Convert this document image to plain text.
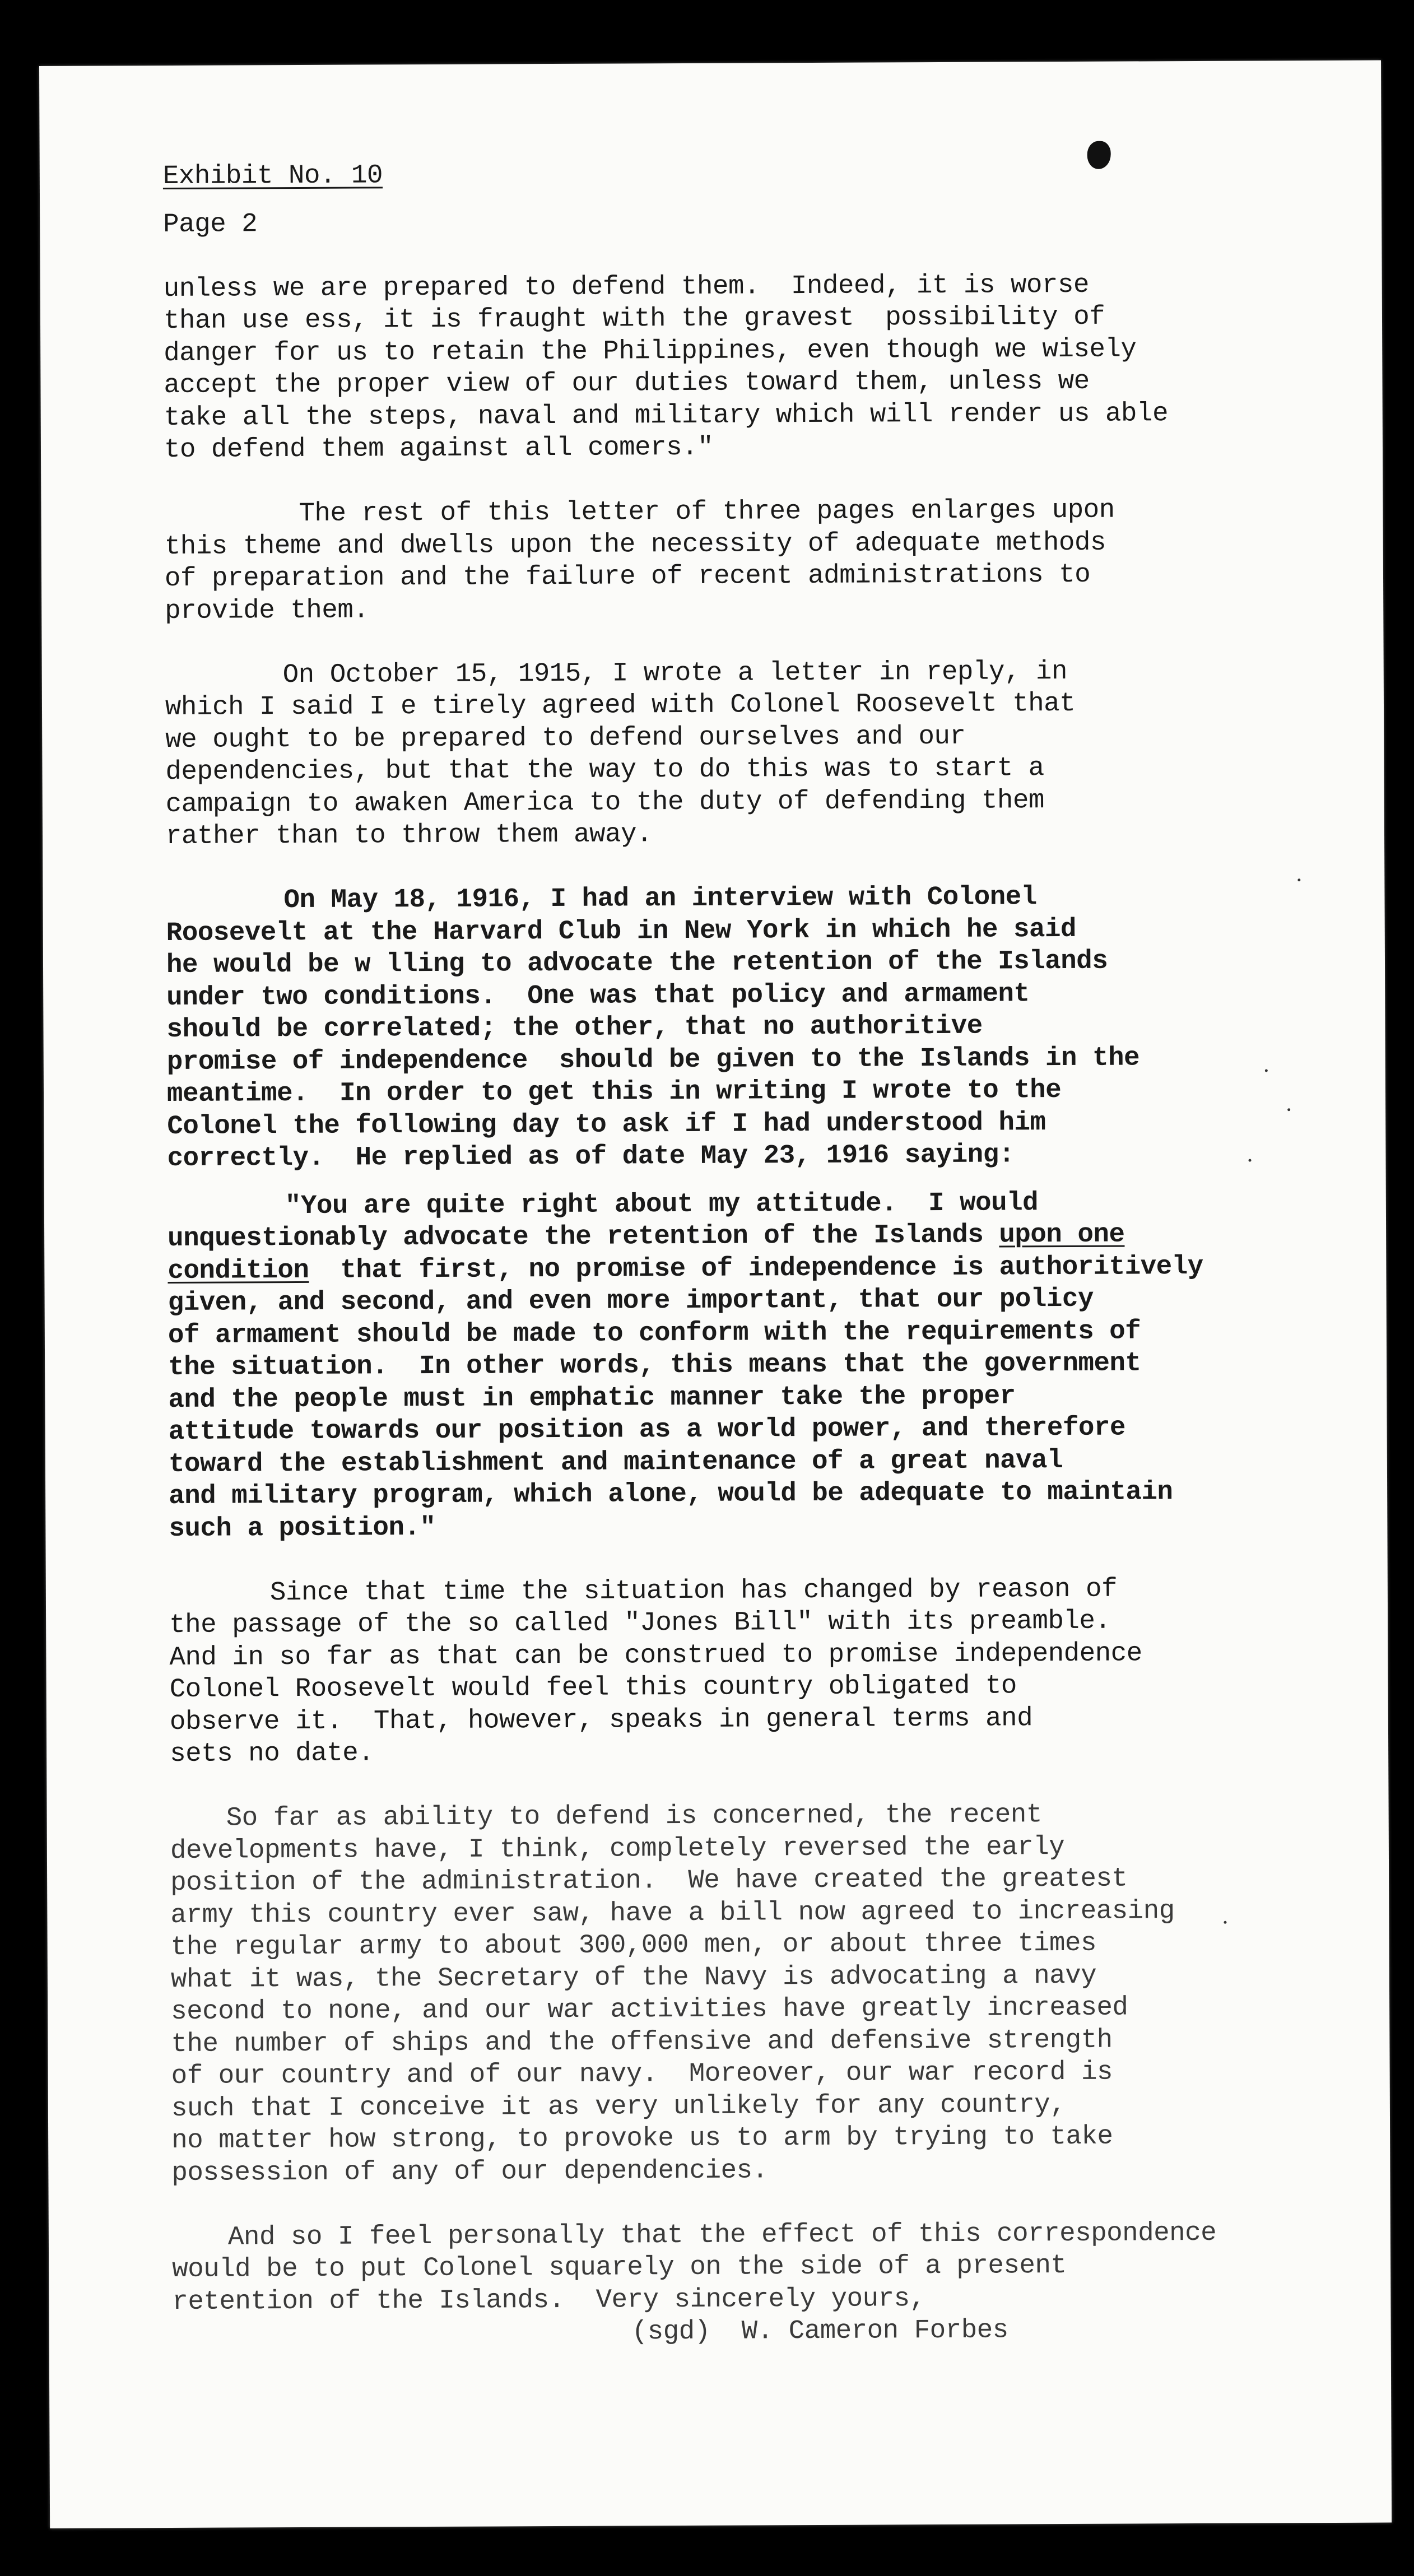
Exhibit No. 10
Page 2
unless we are prepared to defend them.  Indeed, it is worse
than use ess, it is fraught with the gravest  possibility of
danger for us to retain the Philippines, even though we wisely
accept the proper view of our duties toward them, unless we
take all the steps, naval and military which will render us able
to defend them against all comers."
The rest of this letter of three pages enlarges upon
this theme and dwells upon the necessity of adequate methods
of preparation and the failure of recent administrations to
provide them.
On October 15, 1915, I wrote a letter in reply, in
which I said I e tirely agreed with Colonel Roosevelt that
we ought to be prepared to defend ourselves and our
dependencies, but that the way to do this was to start a
campaign to awaken America to the duty of defending them
rather than to throw them away.
On May 18, 1916, I had an interview with Colonel
Roosevelt at the Harvard Club in New York in which he said
he would be w lling to advocate the retention of the Islands
under two conditions.  One was that policy and armament
should be correlated; the other, that no authoritive
promise of independence  should be given to the Islands in the
meantime.  In order to get this in writing I wrote to the
Colonel the following day to ask if I had understood him
correctly.  He replied as of date May 23, 1916 saying:
"You are quite right about my attitude.  I would
unquestionably advocate the retention of the Islands upon one
condition  that first, no promise of independence is authoritively
given, and second, and even more important, that our policy
of armament should be made to conform with the requirements of
the situation.  In other words, this means that the government
and the people must in emphatic manner take the proper
attitude towards our position as a world power, and therefore
toward the establishment and maintenance of a great naval
and military program, which alone, would be adequate to maintain
such a position."
Since that time the situation has changed by reason of
the passage of the so called "Jones Bill" with its preamble.
And in so far as that can be construed to promise independence
Colonel Roosevelt would feel this country obligated to
observe it.  That, however, speaks in general terms and
sets no date.
So far as ability to defend is concerned, the recent
developments have, I think, completely reversed the early
position of the administration.  We have created the greatest
army this country ever saw, have a bill now agreed to increasing
the regular army to about 300,000 men, or about three times
what it was, the Secretary of the Navy is advocating a navy
second to none, and our war activities have greatly increased
the number of ships and the offensive and defensive strength
of our country and of our navy.  Moreover, our war record is
such that I conceive it as very unlikely for any country,
no matter how strong, to provoke us to arm by trying to take
possession of any of our dependencies.
And so I feel personally that the effect of this correspondence
would be to put Colonel squarely on the side of a present
retention of the Islands.  Very sincerely yours,
(sgd)  W. Cameron Forbes
